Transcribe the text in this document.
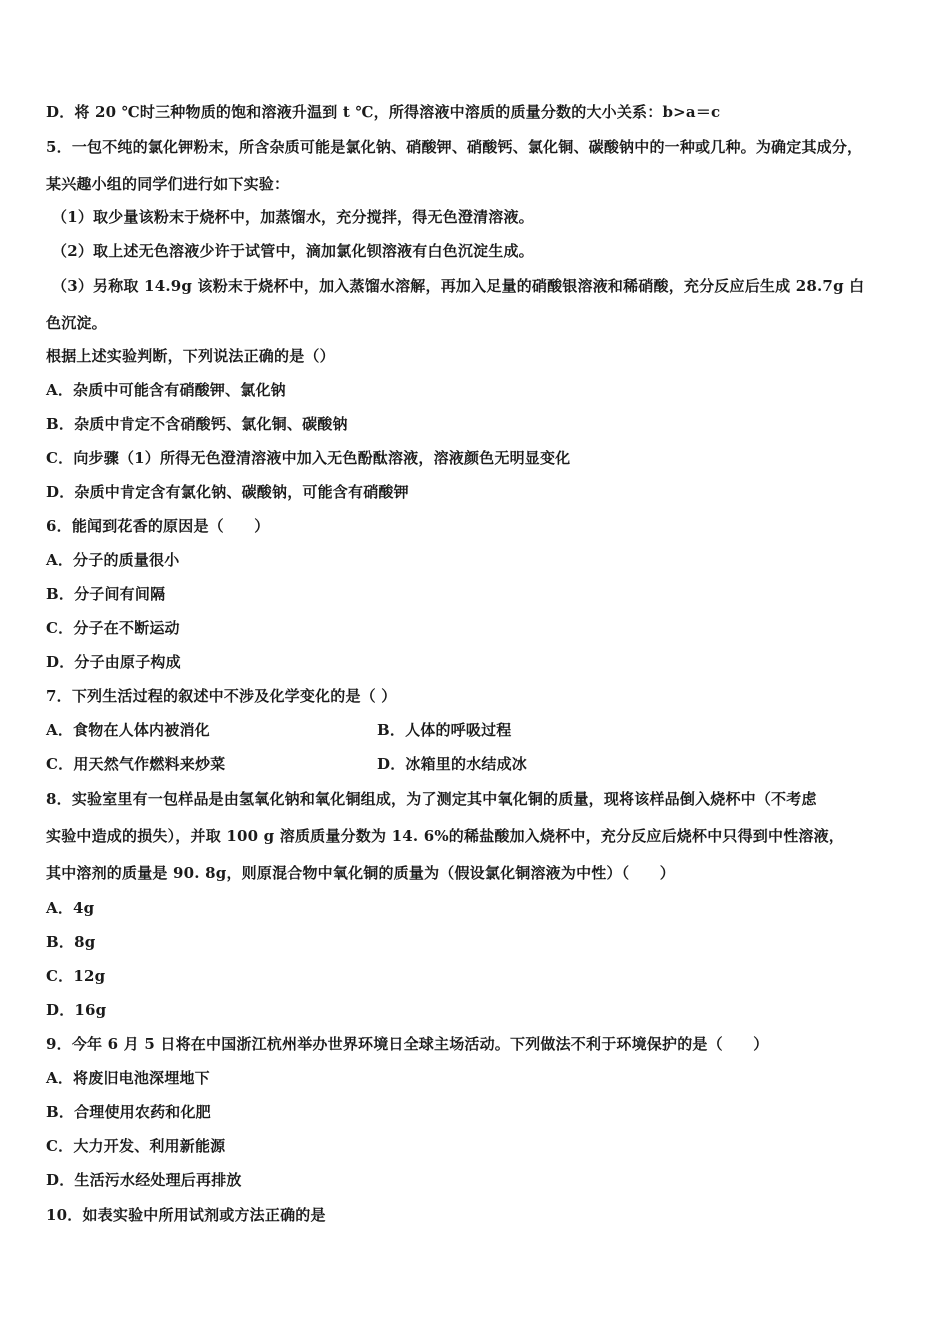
D．将 20 ℃时三种物质的饱和溶液升温到 t ℃，所得溶液中溶质的质量分数的大小关系：b>a＝c
5．一包不纯的氯化钾粉末，所含杂质可能是氯化钠、硝酸钾、硝酸钙、氯化铜、碳酸钠中的一种或几种。为确定其成分，
某兴趣小组的同学们进行如下实验：
（1）取少量该粉末于烧杯中，加蒸馏水，充分搅拌，得无色澄清溶液。
（2）取上述无色溶液少许于试管中，滴加氯化钡溶液有白色沉淀生成。
（3）另称取 14.9g 该粉末于烧杯中，加入蒸馏水溶解，再加入足量的硝酸银溶液和稀硝酸，充分反应后生成 28.7g 白
色沉淀。
根据上述实验判断，下列说法正确的是（）
A．杂质中可能含有硝酸钾、氯化钠
B．杂质中肯定不含硝酸钙、氯化铜、碳酸钠
C．向步骤（1）所得无色澄清溶液中加入无色酚酞溶液，溶液颜色无明显变化
D．杂质中肯定含有氯化钠、碳酸钠，可能含有硝酸钾
6．能闻到花香的原因是（　　）
A．分子的质量很小
B．分子间有间隔
C．分子在不断运动
D．分子由原子构成
7．下列生活过程的叙述中不涉及化学变化的是（ ）
A．食物在人体内被消化	B．人体的呼吸过程
C．用天然气作燃料来炒菜	D．冰箱里的水结成冰
8．实验室里有一包样品是由氢氧化钠和氧化铜组成，为了测定其中氧化铜的质量，现将该样品倒入烧杯中（不考虑
实验中造成的损失），并取 100 g 溶质质量分数为 14. 6%的稀盐酸加入烧杯中，充分反应后烧杯中只得到中性溶液，
其中溶剂的质量是 90. 8g，则原混合物中氧化铜的质量为（假设氯化铜溶液为中性）（　　）
A．4g
B．8g
C．12g
D．16g
9．今年 6 月 5 日将在中国浙江杭州举办世界环境日全球主场活动。下列做法不利于环境保护的是（　　）
A．将废旧电池深埋地下
B．合理使用农药和化肥
C．大力开发、利用新能源
D．生活污水经处理后再排放
10．如表实验中所用试剂或方法正确的是
